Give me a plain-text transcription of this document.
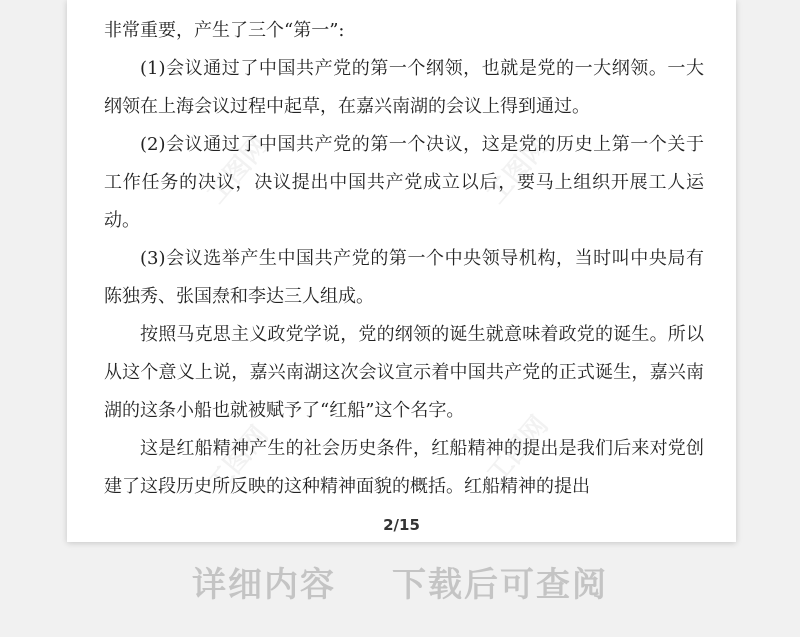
工图网	工图网
工图网	工图网

非常重要，产生了三个“第一”:

(1)会议通过了中国共产党的第一个纲领，也就是党的一大纲领。一大纲领在上海会议过程中起草，在嘉兴南湖的会议上得到通过。

(2)会议通过了中国共产党的第一个决议，这是党的历史上第一个关于工作任务的决议，决议提出中国共产党成立以后，要马上组织开展工人运动。

(3)会议选举产生中国共产党的第一个中央领导机构，当时叫中央局有陈独秀、张国焘和李达三人组成。

按照马克思主义政党学说，党的纲领的诞生就意味着政党的诞生。所以从这个意义上说，嘉兴南湖这次会议宣示着中国共产党的正式诞生，嘉兴南湖的这条小船也就被赋予了“红船”这个名字。

这是红船精神产生的社会历史条件，红船精神的提出是我们后来对党创建了这段历史所反映的这种精神面貌的概括。红船精神的提出

2/15
详细内容 下载后可查阅
